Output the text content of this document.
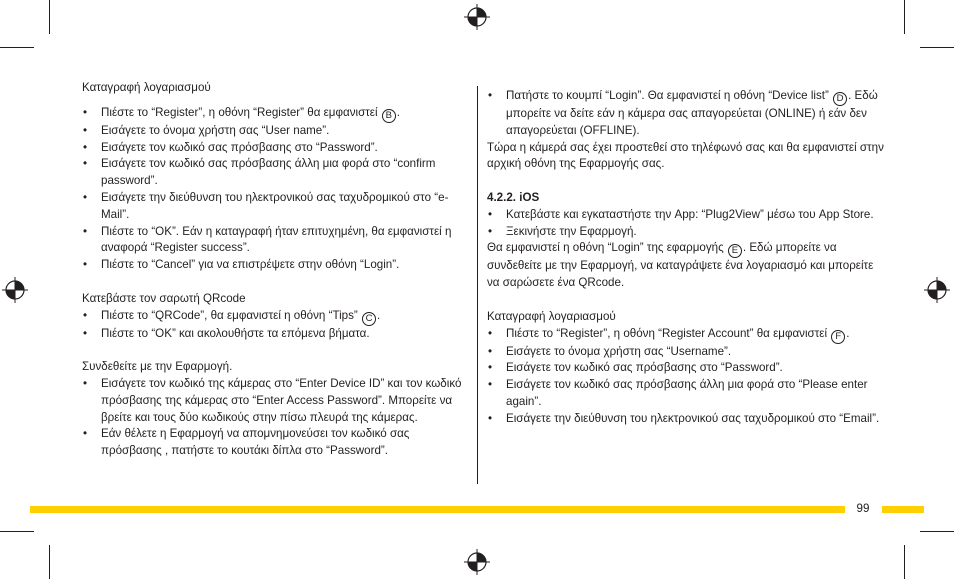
Καταγραφή λογαριασμού

• Πιέστε το “Register”, η οθόνη “Register” θα εμφανιστεί B .
• Εισάγετε το όνομα χρήστη σας “User name”.
• Εισάγετε τον κωδικό σας πρόσβασης στο “Password”.
• Εισάγετε τον κωδικό σας πρόσβασης άλλη μια φορά στο “confirm password”.
• Εισάγετε την διεύθυνση του ηλεκτρονικού σας ταχυδρομικού στο “e-Mail”.
• Πιέστε το “OK”. Εάν η καταγραφή ήταν επιτυχημένη, θα εμφανιστεί η αναφορά “Register success”.
• Πιέστε το “Cancel” για να επιστρέψετε στην οθόνη “Login”.

Κατεβάστε τον σαρωτή QRcode

• Πιέστε το “QRCode”, θα εμφανιστεί η οθόνη “Tips” C .
• Πιέστε το “OK” και ακολουθήστε τα επόμενα βήματα.

Συνδεθείτε με την Εφαρμογή.

• Εισάγετε τον κωδικό της κάμερας στο “Enter Device ID” και τον κωδικό πρόσβασης της κάμερας στο “Enter Access Password”. Μπορείτε να βρείτε και τους δύο κωδικούς στην πίσω πλευρά της κάμερας.
• Εάν θέλετε η Εφαρμογή να απομνημονεύσει τον κωδικό σας πρόσβασης , πατήστε το κουτάκι δίπλα στο “Password”.
• Πατήστε το κουμπί “Login”. Θα εμφανιστεί η οθόνη “Device list” D . Εδώ μπορείτε να δείτε εάν η κάμερα σας απαγορεύεται (ONLINE) ή εάν δεν απαγορεύεται (OFFLINE).

Τώρα η κάμερά σας έχει προστεθεί στο τηλέφωνό σας και θα εμφανιστεί στην αρχική οθόνη της Εφαρμογής σας.

4.2.2. iOS

• Κατεβάστε και εγκαταστήστε την App: “Plug2View” μέσω του App Store.
• Ξεκινήστε την Εφαρμογή.

Θα εμφανιστεί η οθόνη “Login” της εφαρμογής E . Εδώ μπορείτε να συνδεθείτε με την Εφαρμογή, να καταγράψετε ένα λογαριασμό και μπορείτε να σαρώσετε ένα QRcode.

Καταγραφή λογαριασμού

• Πιέστε το “Register”, η οθόνη “Register Account” θα εμφανιστεί F .
• Εισάγετε το όνομα χρήστη σας “Username”.
• Εισάγετε τον κωδικό σας πρόσβασης στο “Password”.
• Εισάγετε τον κωδικό σας πρόσβασης άλλη μια φορά στο “Please enter again”.
• Εισάγετε την διεύθυνση του ηλεκτρονικού σας ταχυδρομικού στο “Email”.
99
